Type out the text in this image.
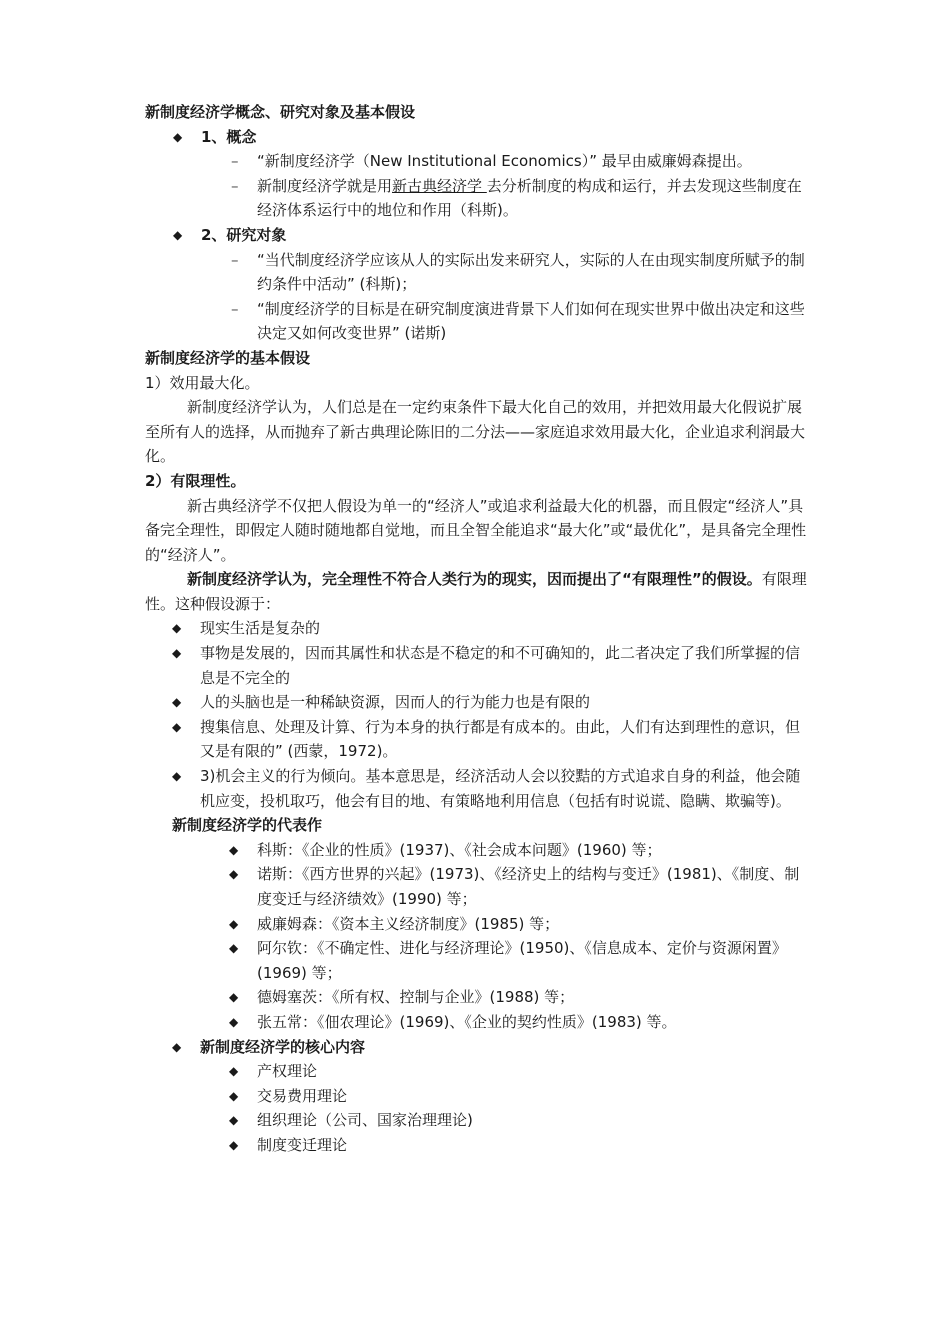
新制度经济学概念、研究对象及基本假设
◆	1、概念
–	“新制度经济学（New Institutional Economics）” 最早由威廉姆森提出。
–	新制度经济学就是用新古典经济学 去分析制度的构成和运行，并去发现这些制度在经济体系运行中的地位和作用（科斯)。
◆	2、研究对象
–	“当代制度经济学应该从人的实际出发来研究人，实际的人在由现实制度所赋予的制约条件中活动” (科斯)；
–	“制度经济学的目标是在研究制度演进背景下人们如何在现实世界中做出决定和这些决定又如何改变世界” (诺斯)
新制度经济学的基本假设
1）效用最大化。
新制度经济学认为，人们总是在一定约束条件下最大化自己的效用，并把效用最大化假说扩展至所有人的选择，从而抛弃了新古典理论陈旧的二分法——家庭追求效用最大化，企业追求利润最大化。
2）有限理性。
新古典经济学不仅把人假设为单一的“经济人”或追求利益最大化的机器，而且假定“经济人”具备完全理性，即假定人随时随地都自觉地，而且全智全能追求“最大化”或“最优化”，是具备完全理性的“经济人”。
新制度经济学认为，完全理性不符合人类行为的现实，因而提出了“有限理性”的假设。有限理性。这种假设源于：
◆	现实生活是复杂的
◆	事物是发展的，因而其属性和状态是不稳定的和不可确知的，此二者决定了我们所掌握的信息是不完全的
◆	人的头脑也是一种稀缺资源，因而人的行为能力也是有限的
◆	搜集信息、处理及计算、行为本身的执行都是有成本的。由此，人们有达到理性的意识，但又是有限的” (西蒙，1972)。
◆	3)机会主义的行为倾向。基本意思是，经济活动人会以狡黠的方式追求自身的利益，他会随机应变，投机取巧，他会有目的地、有策略地利用信息（包括有时说谎、隐瞒、欺骗等)。
新制度经济学的代表作
◆	科斯：《企业的性质》(1937)、《社会成本问题》(1960) 等；
◆	诺斯：《西方世界的兴起》(1973)、《经济史上的结构与变迁》(1981)、《制度、制度变迁与经济绩效》(1990) 等；
◆	威廉姆森：《资本主义经济制度》(1985) 等；
◆	阿尔钦：《不确定性、进化与经济理论》(1950)、《信息成本、定价与资源闲置》(1969) 等；
◆	德姆塞茨：《所有权、控制与企业》(1988) 等；
◆	张五常：《佃农理论》(1969)、《企业的契约性质》(1983) 等。
◆	新制度经济学的核心内容
◆	产权理论
◆	交易费用理论
◆	组织理论（公司、国家治理理论)
◆	制度变迁理论
